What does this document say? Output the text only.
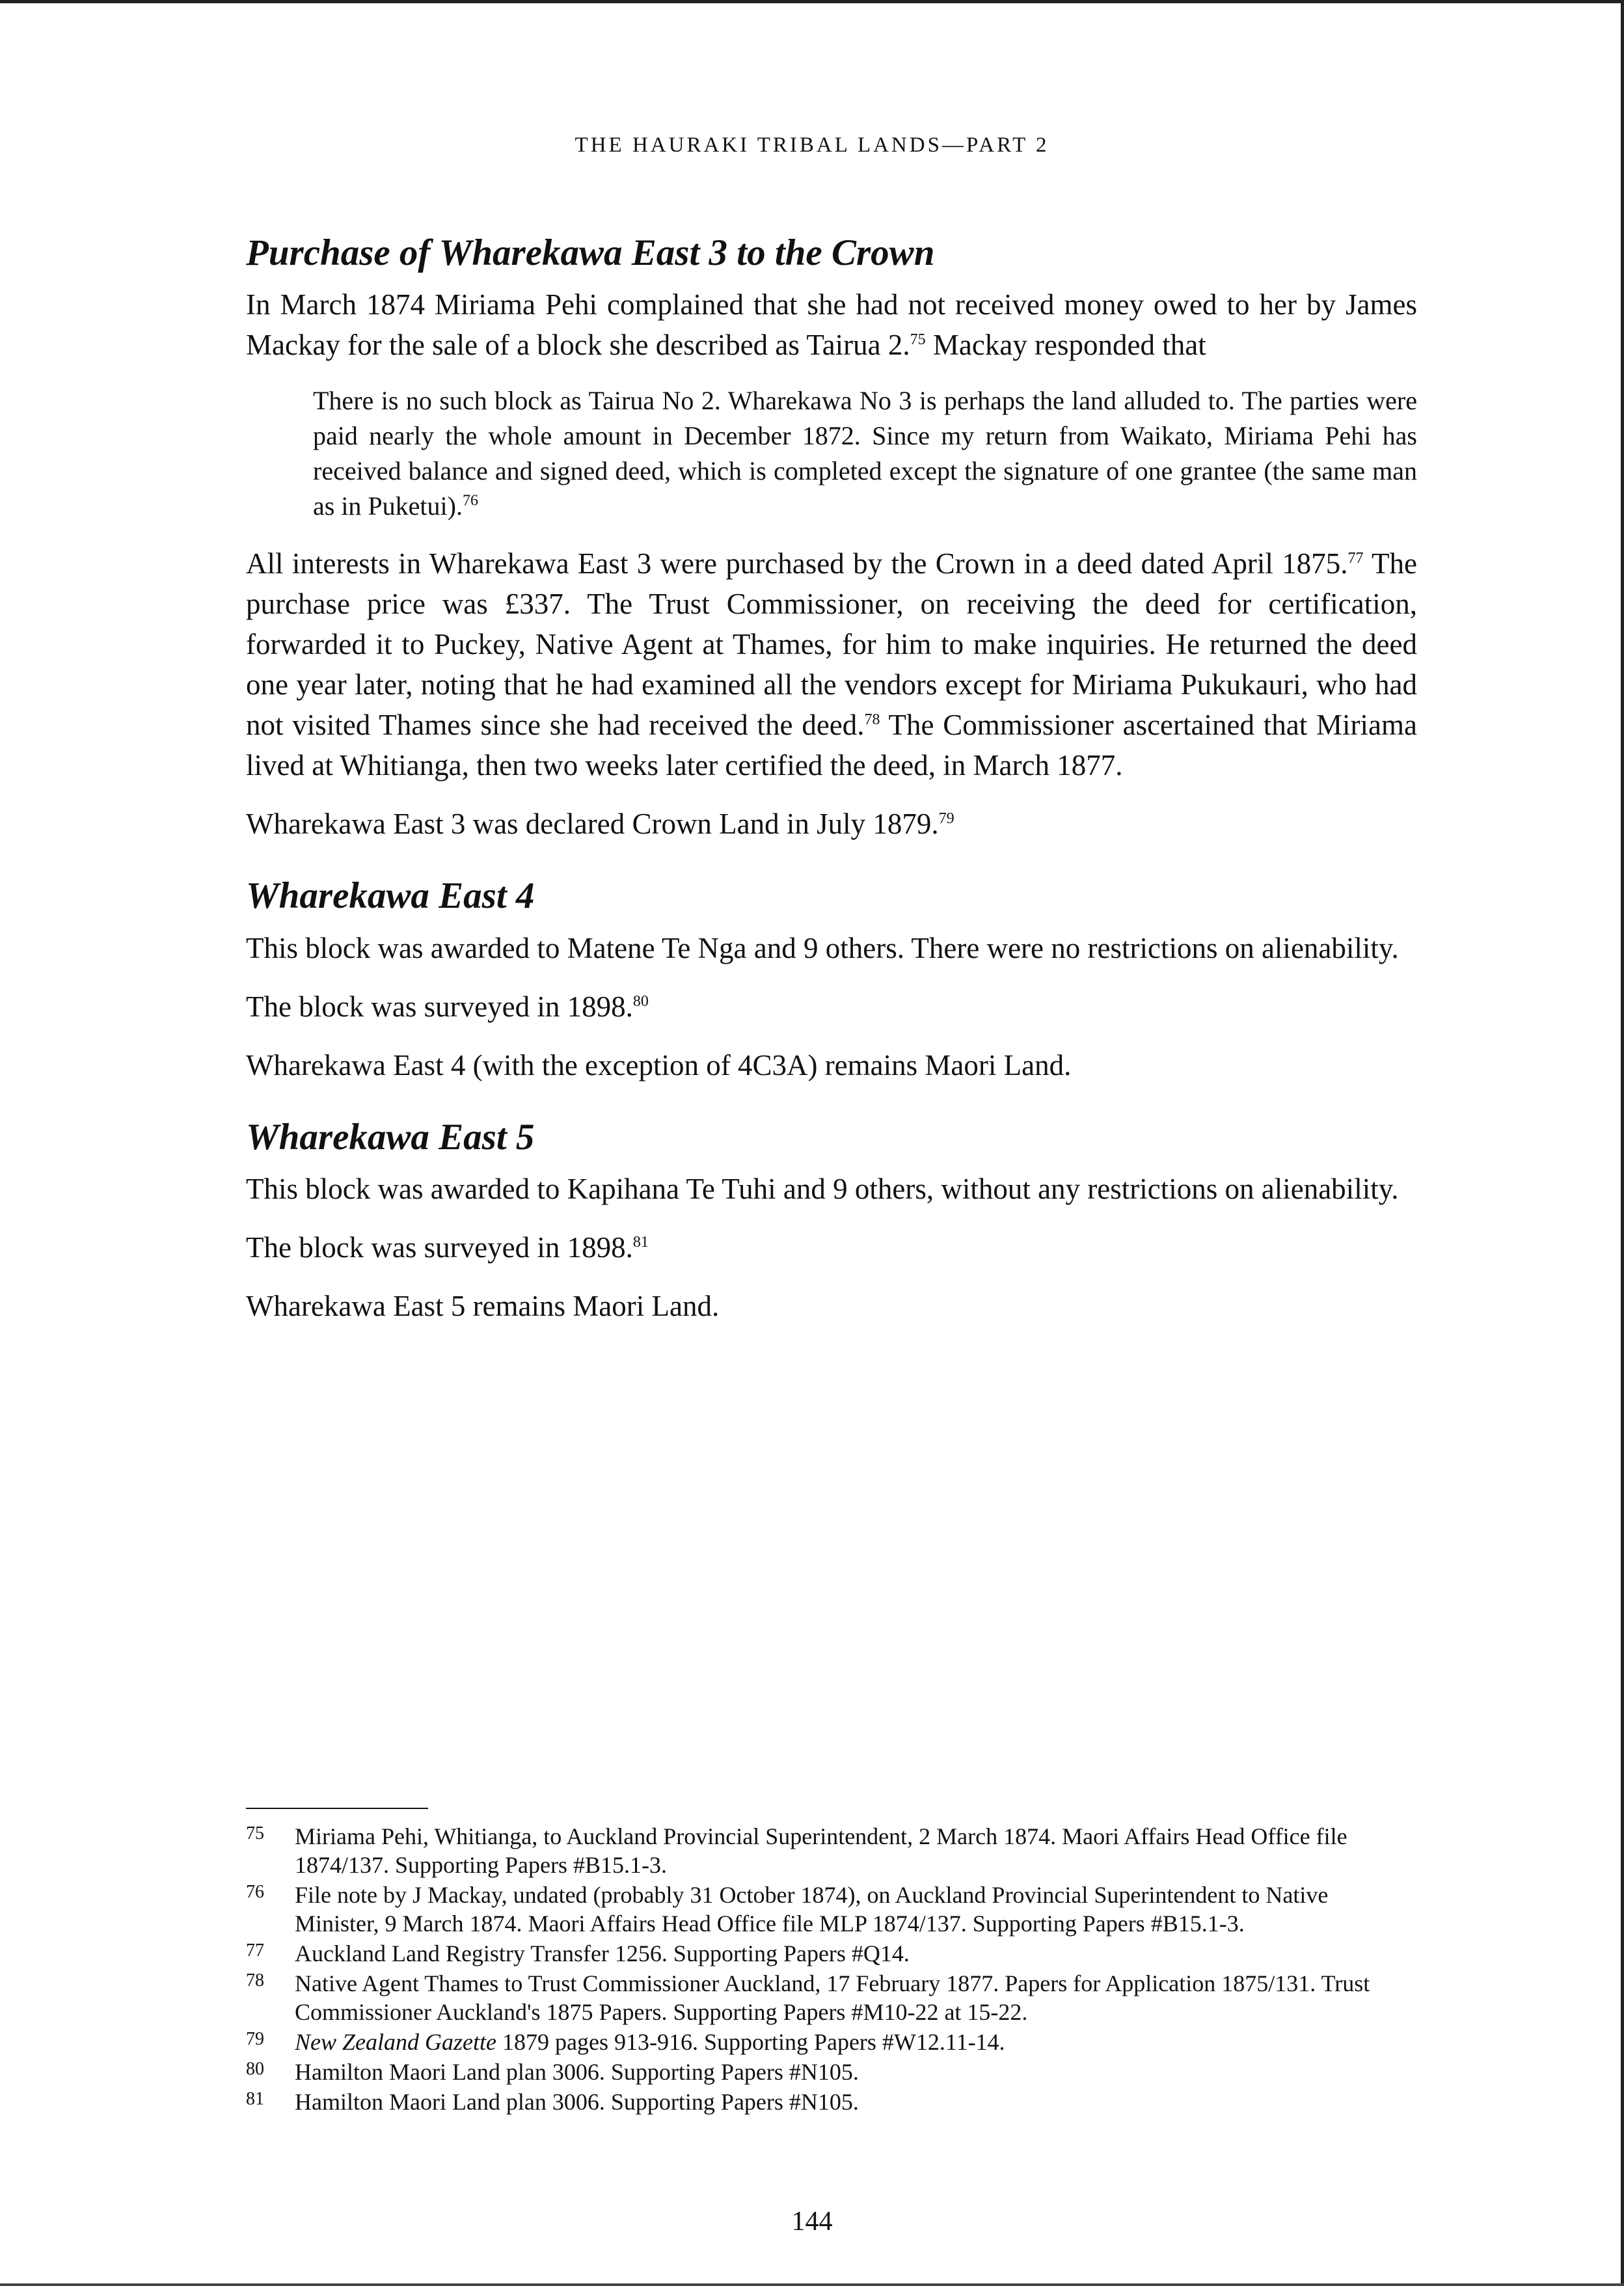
THE HAURAKI TRIBAL LANDS—PART 2
Purchase of Wharekawa East 3 to the Crown

In March 1874 Miriama Pehi complained that she had not received money owed to her by James Mackay for the sale of a block she described as Tairua 2.75 Mackay responded that

There is no such block as Tairua No 2. Wharekawa No 3 is perhaps the land alluded to. The parties were paid nearly the whole amount in December 1872. Since my return from Waikato, Miriama Pehi has received balance and signed deed, which is completed except the signature of one grantee (the same man as in Puketui).$^{76}$

All interests in Wharekawa East 3 were purchased by the Crown in a deed dated April 1875.77 The purchase price was £337. The Trust Commissioner, on receiving the deed for certification, forwarded it to Puckey, Native Agent at Thames, for him to make inquiries. He returned the deed one year later, noting that he had examined all the vendors except for Miriama Pukukauri, who had not visited Thames since she had received the deed.$^{78}$ The Commissioner ascertained that Miriama lived at Whitianga, then two weeks later certified the deed, in March 1877.

Wharekawa East 3 was declared Crown Land in July 1879.79

Wharekawa East 4

This block was awarded to Matene Te Nga and 9 others. There were no restrictions on alienability.

The block was surveyed in 1898.80

Wharekawa East 4 (with the exception of 4C3A) remains Maori Land.

Wharekawa East 5

This block was awarded to Kapihana Te Tuhi and 9 others, without any restrictions on alienability.

The block was surveyed in 1898.81

Wharekawa East 5 remains Maori Land.

75 Miriama Pehi, Whitianga, to Auckland Provincial Superintendent, 2 March 1874. Maori Affairs Head Office file 1874/137. Supporting Papers #B15.1-3.
76 File note by J Mackay, undated (probably 31 October 1874), on Auckland Provincial Superintendent to Native Minister, 9 March 1874. Maori Affairs Head Office file MLP 1874/137. Supporting Papers #B15.1-3.
77 Auckland Land Registry Transfer 1256. Supporting Papers #Q14.
78 Native Agent Thames to Trust Commissioner Auckland, 17 February 1877. Papers for Application 1875/131. Trust Commissioner Auckland's 1875 Papers. Supporting Papers #M10-22 at 15-22.
79 New Zealand Gazette 1879 pages 913-916. Supporting Papers #W12.11-14.
80 Hamilton Maori Land plan 3006. Supporting Papers #N105.
81 Hamilton Maori Land plan 3006. Supporting Papers #N105.
144
